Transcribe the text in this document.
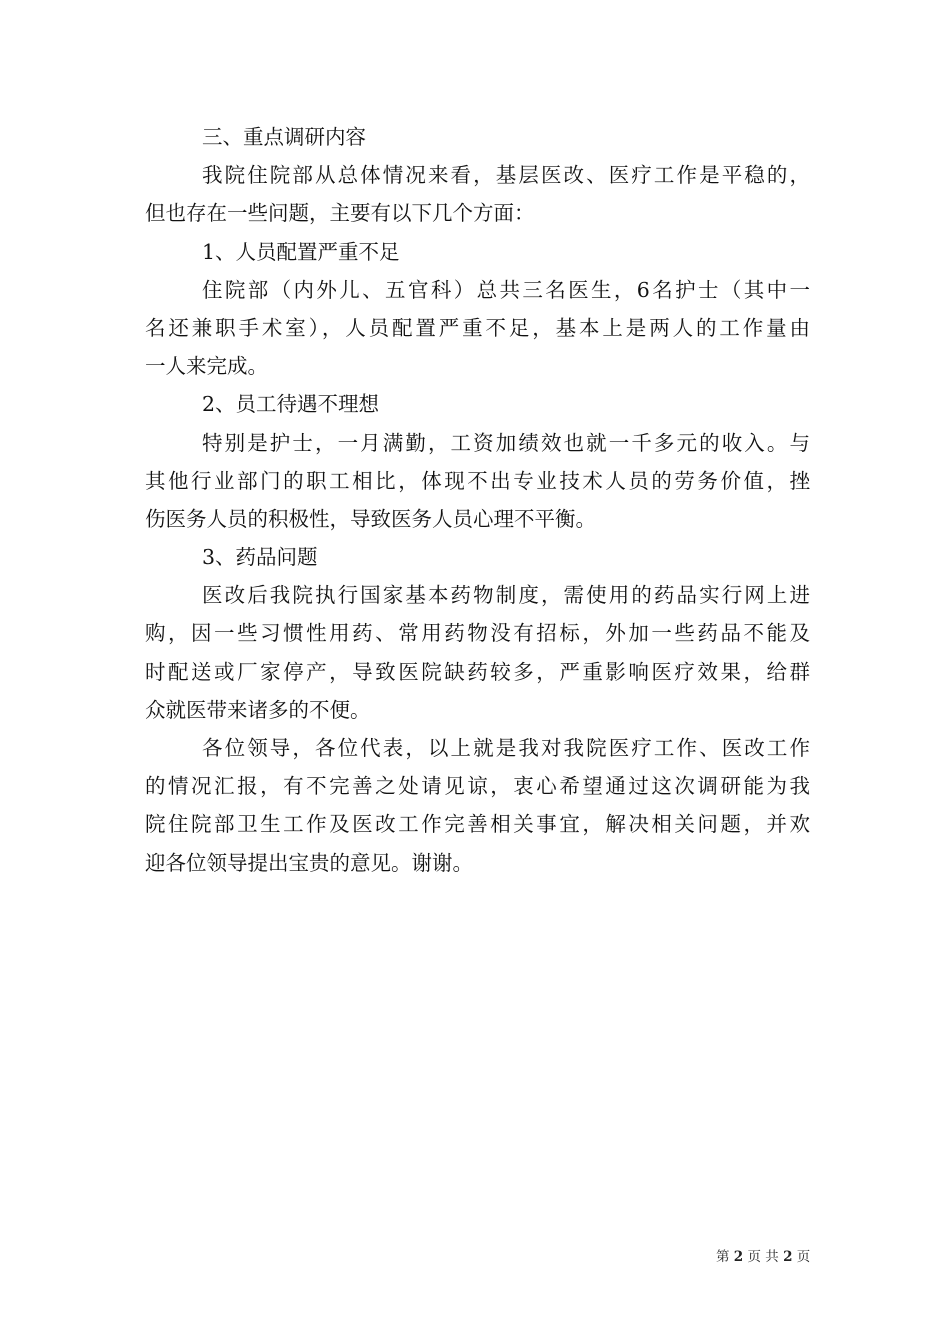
三、重点调研内容
我院住院部从总体情况来看，基层医改、医疗工作是平稳的，
但也存在一些问题，主要有以下几个方面：
1、人员配置严重不足
住院部（内外儿、五官科）总共三名医生，6名护士（其中一
名还兼职手术室），人员配置严重不足，基本上是两人的工作量由
一人来完成。
2、员工待遇不理想
特别是护士，一月满勤，工资加绩效也就一千多元的收入。与
其他行业部门的职工相比，体现不出专业技术人员的劳务价值，挫
伤医务人员的积极性，导致医务人员心理不平衡。
3、药品问题
医改后我院执行国家基本药物制度，需使用的药品实行网上进
购，因一些习惯性用药、常用药物没有招标，外加一些药品不能及
时配送或厂家停产，导致医院缺药较多，严重影响医疗效果，给群
众就医带来诸多的不便。
各位领导，各位代表，以上就是我对我院医疗工作、医改工作
的情况汇报，有不完善之处请见谅，衷心希望通过这次调研能为我
院住院部卫生工作及医改工作完善相关事宜，解决相关问题，并欢
迎各位领导提出宝贵的意见。谢谢。
第 2 页 共 2 页
